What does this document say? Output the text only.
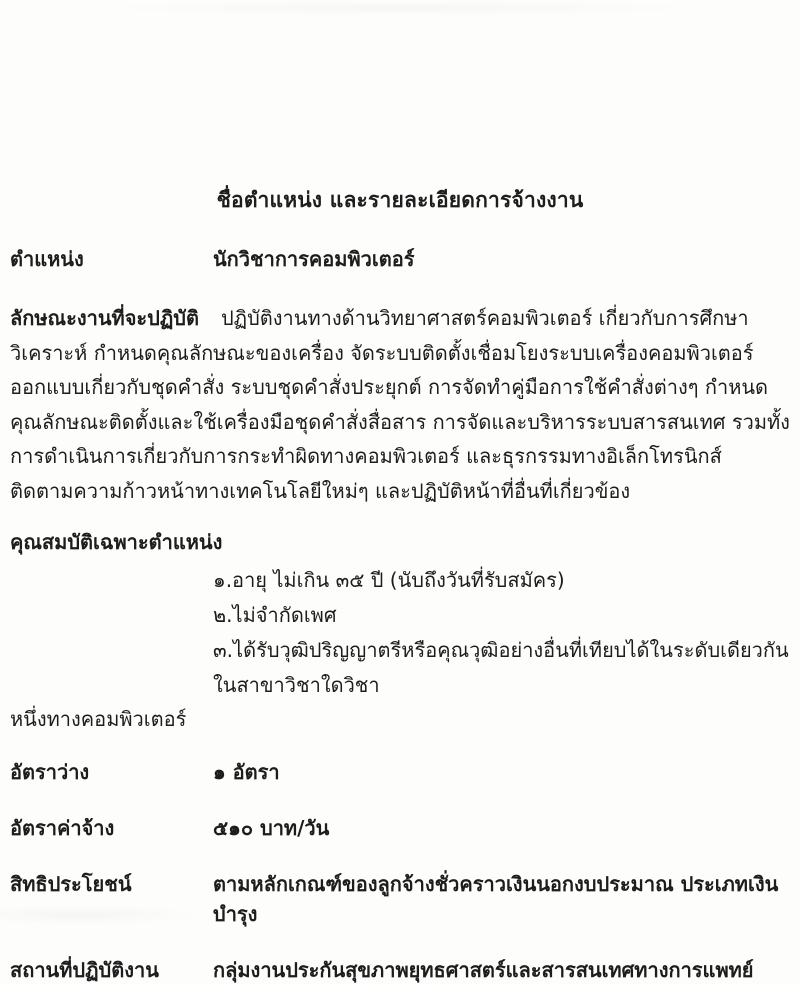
ชื่อตำแหน่ง และรายละเอียดการจ้างงาน
ตำแหน่ง	นักวิชาการคอมพิวเตอร์

ลักษณะงานที่จะปฏิบัติ ปฏิบัติงานทางด้านวิทยาศาสตร์คอมพิวเตอร์ เกี่ยวกับการศึกษาวิเคราะห์ กำหนดคุณลักษณะของเครื่อง จัดระบบติดตั้งเชื่อมโยงระบบเครื่องคอมพิวเตอร์ ออกแบบเกี่ยวกับชุดคำสั่ง ระบบชุดคำสั่งประยุกต์ การจัดทำคู่มือการใช้คำสั่งต่างๆ กำหนดคุณลักษณะติดตั้งและใช้เครื่องมือชุดคำสั่งสื่อสาร การจัดและบริหารระบบสารสนเทศ รวมทั้งการดำเนินการเกี่ยวกับการกระทำผิดทางคอมพิวเตอร์ และธุรกรรมทางอิเล็กโทรนิกส์ ติดตามความก้าวหน้าทางเทคโนโลยีใหม่ๆ และปฏิบัติหน้าที่อื่นที่เกี่ยวข้อง

คุณสมบัติเฉพาะตำแหน่ง
๑.อายุ ไม่เกิน ๓๕ ปี (นับถึงวันที่รับสมัคร)
๒.ไม่จำกัดเพศ
๓.ได้รับวุฒิปริญญาตรีหรือคุณวุฒิอย่างอื่นที่เทียบได้ในระดับเดียวกัน ในสาขาวิชาใดวิชา
หนึ่งทางคอมพิวเตอร์
อัตราว่าง	๑ อัตรา
อัตราค่าจ้าง	๕๑๐ บาท/วัน
สิทธิประโยชน์	ตามหลักเกณฑ์ของลูกจ้างชั่วคราวเงินนอกงบประมาณ ประเภทเงินบำรุง
สถานที่ปฏิบัติงาน	กลุ่มงานประกันสุขภาพยุทธศาสตร์และสารสนเทศทางการแพทย์
